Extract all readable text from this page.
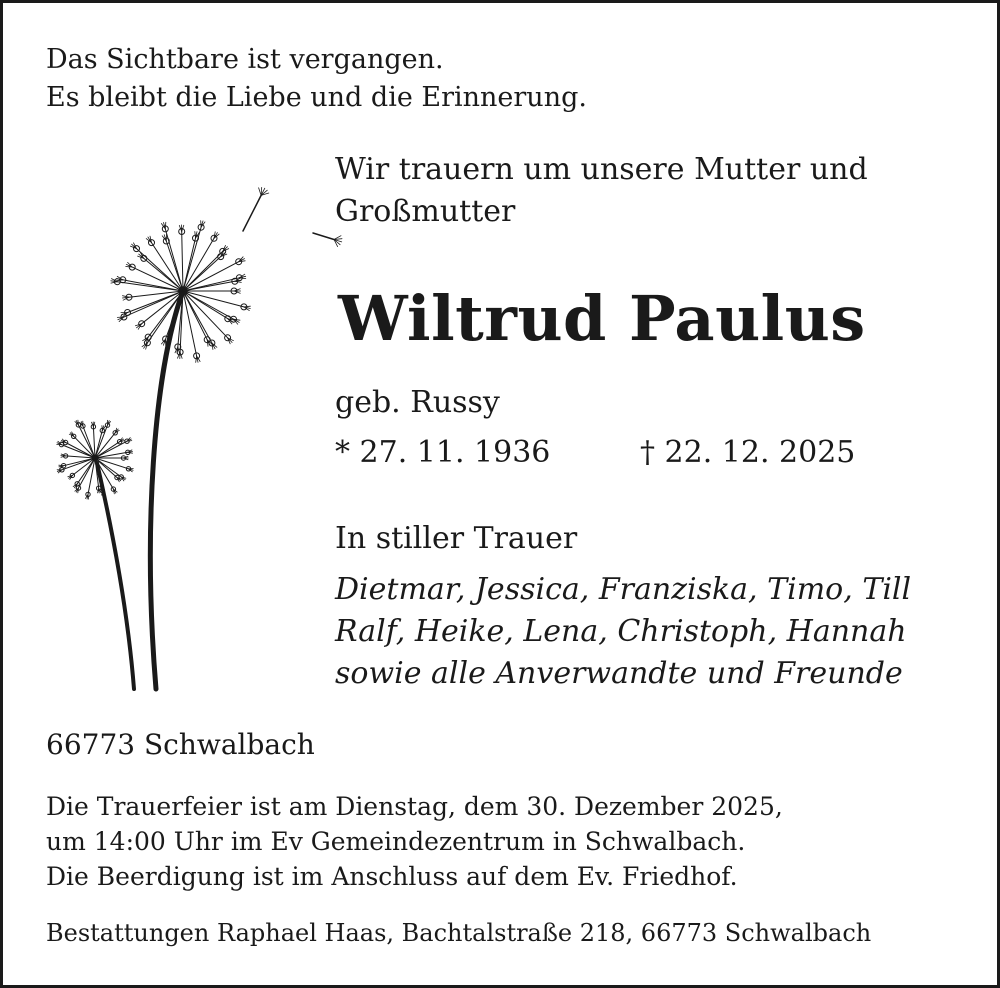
Das Sichtbare ist vergangen.
Es bleibt die Liebe und die Erinnerung.
Wir trauern um unsere Mutter und
Großmutter
Wiltrud Paulus
geb. Russy
* 27. 11. 1936	† 22. 12. 2025
In stiller Trauer
Dietmar, Jessica, Franziska, Timo, Till
Ralf, Heike, Lena, Christoph, Hannah
sowie alle Anverwandte und Freunde
66773 Schwalbach
Die Trauerfeier ist am Dienstag, dem 30. Dezember 2025,
um 14:00 Uhr im Ev Gemeindezentrum in Schwalbach.
Die Beerdigung ist im Anschluss auf dem Ev. Friedhof.
Bestattungen Raphael Haas, Bachtalstraße 218, 66773 Schwalbach
